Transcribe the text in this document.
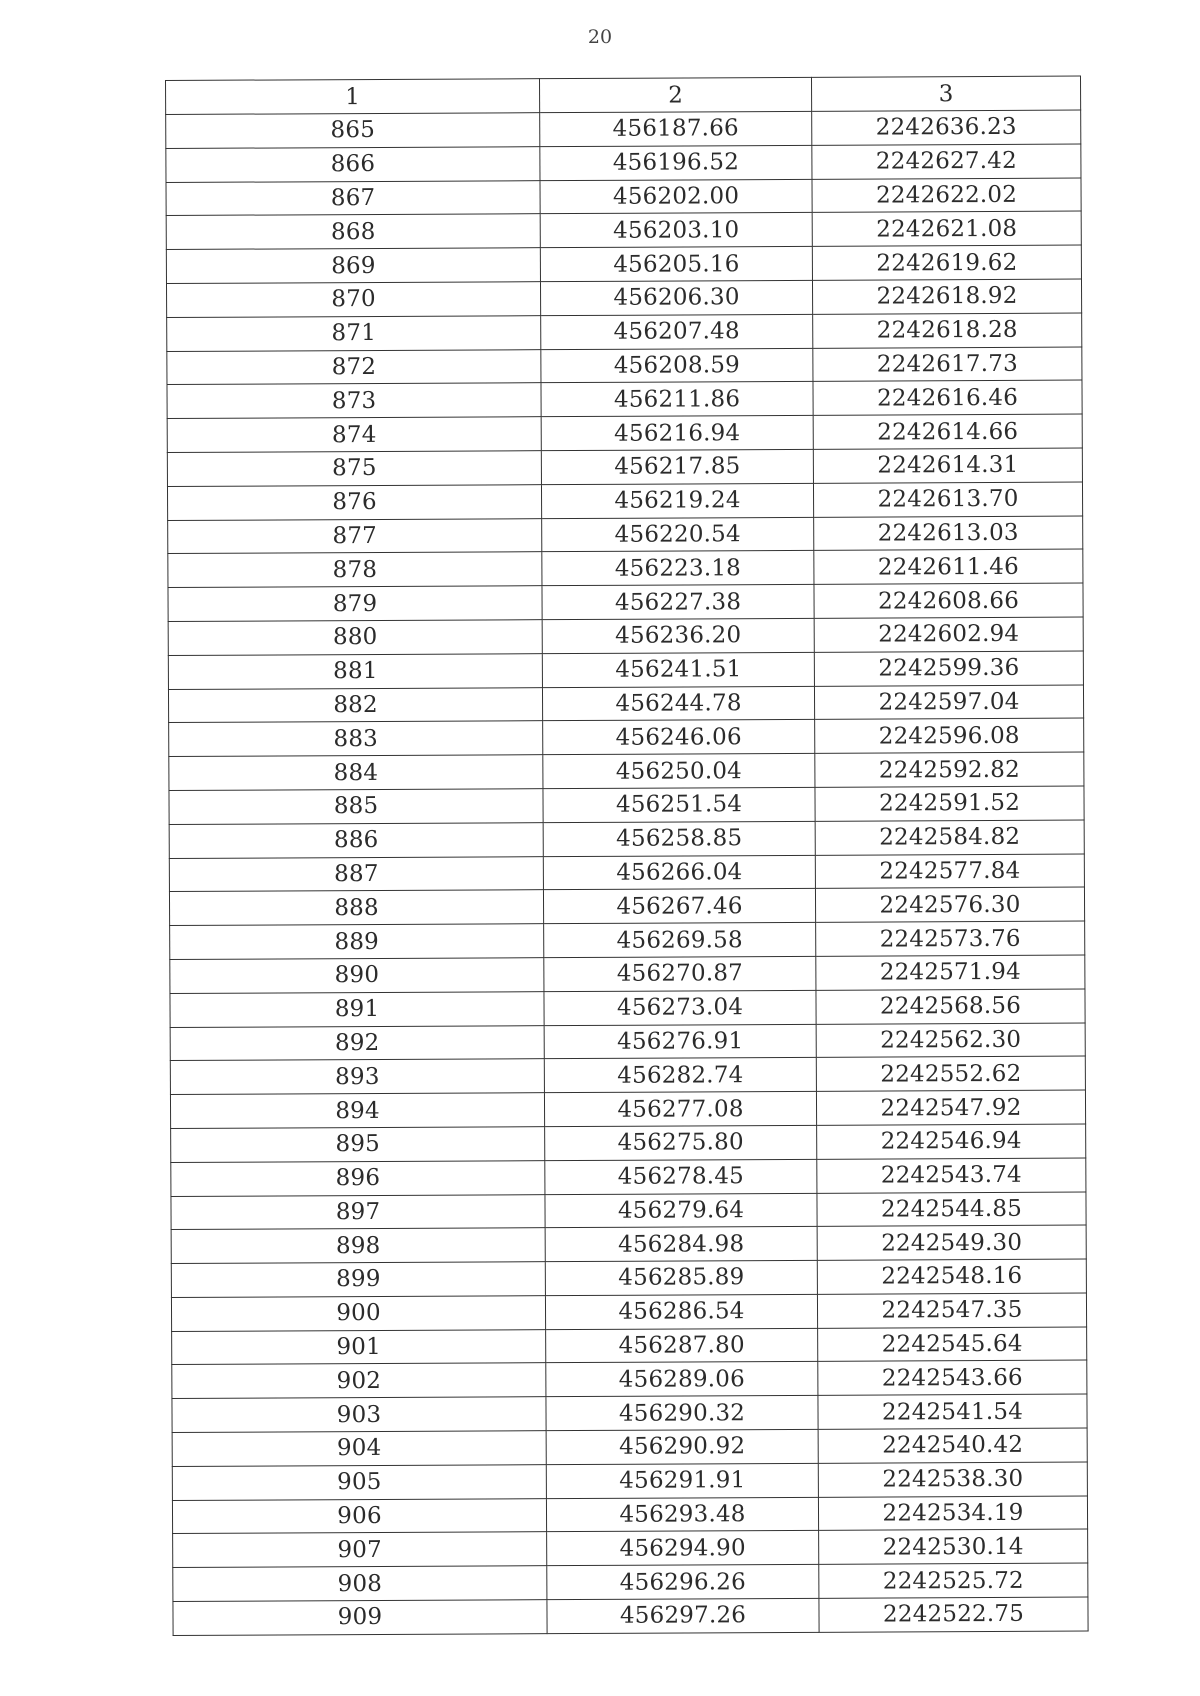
20
1	2	3
865	456187.66	2242636.23
866	456196.52	2242627.42
867	456202.00	2242622.02
868	456203.10	2242621.08
869	456205.16	2242619.62
870	456206.30	2242618.92
871	456207.48	2242618.28
872	456208.59	2242617.73
873	456211.86	2242616.46
874	456216.94	2242614.66
875	456217.85	2242614.31
876	456219.24	2242613.70
877	456220.54	2242613.03
878	456223.18	2242611.46
879	456227.38	2242608.66
880	456236.20	2242602.94
881	456241.51	2242599.36
882	456244.78	2242597.04
883	456246.06	2242596.08
884	456250.04	2242592.82
885	456251.54	2242591.52
886	456258.85	2242584.82
887	456266.04	2242577.84
888	456267.46	2242576.30
889	456269.58	2242573.76
890	456270.87	2242571.94
891	456273.04	2242568.56
892	456276.91	2242562.30
893	456282.74	2242552.62
894	456277.08	2242547.92
895	456275.80	2242546.94
896	456278.45	2242543.74
897	456279.64	2242544.85
898	456284.98	2242549.30
899	456285.89	2242548.16
900	456286.54	2242547.35
901	456287.80	2242545.64
902	456289.06	2242543.66
903	456290.32	2242541.54
904	456290.92	2242540.42
905	456291.91	2242538.30
906	456293.48	2242534.19
907	456294.90	2242530.14
908	456296.26	2242525.72
909	456297.26	2242522.75
